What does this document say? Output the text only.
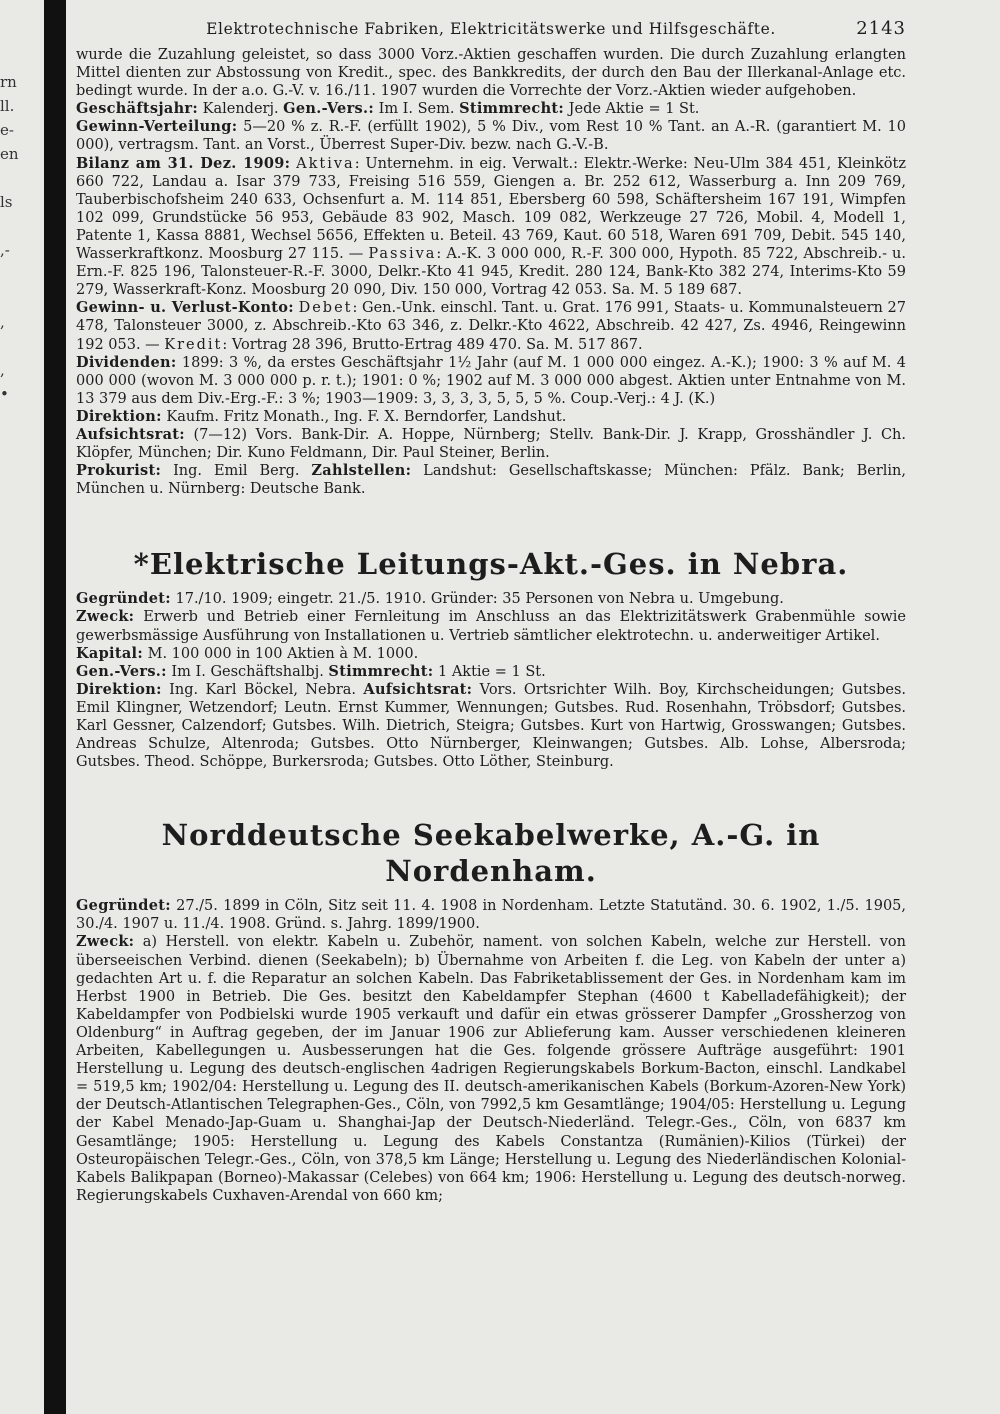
rn
ll.
e-
en

ls

,-

,

,
•
Elektrotechnische Fabriken, Elektricitätswerke und Hilfsgeschäfte.	2143

wurde die Zuzahlung geleistet, so dass 3000 Vorz.-Aktien geschaffen wurden. Die durch Zuzahlung erlangten Mittel dienten zur Abstossung von Kredit., spec. des Bankkredits, der durch den Bau der Illerkanal-Anlage etc. bedingt wurde. In der a.o. G.-V. v. 16./11. 1907 wurden die Vorrechte der Vorz.-Aktien wieder aufgehoben.

Geschäftsjahr: Kalenderj. Gen.-Vers.: Im I. Sem. Stimmrecht: Jede Aktie = 1 St.

Gewinn-Verteilung: 5—20 % z. R.-F. (erfüllt 1902), 5 % Div., vom Rest 10 % Tant. an A.-R. (garantiert M. 10 000), vertragsm. Tant. an Vorst., Überrest Super-Div. bezw. nach G.-V.-B.

Bilanz am 31. Dez. 1909: Aktiva: Unternehm. in eig. Verwalt.: Elektr.-Werke: Neu-Ulm 384 451, Kleinkötz 660 722, Landau a. Isar 379 733, Freising 516 559, Giengen a. Br. 252 612, Wasserburg a. Inn 209 769, Tauberbischofsheim 240 633, Ochsenfurt a. M. 114 851, Ebersberg 60 598, Schäftersheim 167 191, Wimpfen 102 099, Grundstücke 56 953, Gebäude 83 902, Masch. 109 082, Werkzeuge 27 726, Mobil. 4, Modell 1, Patente 1, Kassa 8881, Wechsel 5656, Effekten u. Beteil. 43 769, Kaut. 60 518, Waren 691 709, Debit. 545 140, Wasserkraftkonz. Moosburg 27 115. — Passiva: A.-K. 3 000 000, R.-F. 300 000, Hypoth. 85 722, Abschreib.- u. Ern.-F. 825 196, Talonsteuer-R.-F. 3000, Delkr.-Kto 41 945, Kredit. 280 124, Bank-Kto 382 274, Interims-Kto 59 279, Wasserkraft-Konz. Moosburg 20 090, Div. 150 000, Vortrag 42 053. Sa. M. 5 189 687.

Gewinn- u. Verlust-Konto: Debet: Gen.-Unk. einschl. Tant. u. Grat. 176 991, Staats- u. Kommunalsteuern 27 478, Talonsteuer 3000, z. Abschreib.-Kto 63 346, z. Delkr.-Kto 4622, Abschreib. 42 427, Zs. 4946, Reingewinn 192 053. — Kredit: Vortrag 28 396, Brutto-Ertrag 489 470. Sa. M. 517 867.

Dividenden: 1899: 3 %, da erstes Geschäftsjahr 1½ Jahr (auf M. 1 000 000 eingez. A.-K.); 1900: 3 % auf M. 4 000 000 (wovon M. 3 000 000 p. r. t.); 1901: 0 %; 1902 auf M. 3 000 000 abgest. Aktien unter Entnahme von M. 13 379 aus dem Div.-Erg.-F.: 3 %; 1903—1909: 3, 3, 3, 3, 5, 5, 5 %. Coup.-Verj.: 4 J. (K.)

Direktion: Kaufm. Fritz Monath., Ing. F. X. Berndorfer, Landshut.

Aufsichtsrat: (7—12) Vors. Bank-Dir. A. Hoppe, Nürnberg; Stellv. Bank-Dir. J. Krapp, Grosshändler J. Ch. Klöpfer, München; Dir. Kuno Feldmann, Dir. Paul Steiner, Berlin.

Prokurist: Ing. Emil Berg. Zahlstellen: Landshut: Gesellschaftskasse; München: Pfälz. Bank; Berlin, München u. Nürnberg: Deutsche Bank.

*Elektrische Leitungs-Akt.-Ges. in Nebra.

Gegründet: 17./10. 1909; eingetr. 21./5. 1910. Gründer: 35 Personen von Nebra u. Umgebung.

Zweck: Erwerb und Betrieb einer Fernleitung im Anschluss an das Elektrizitätswerk Grabenmühle sowie gewerbsmässige Ausführung von Installationen u. Vertrieb sämtlicher elektrotechn. u. anderweitiger Artikel.

Kapital: M. 100 000 in 100 Aktien à M. 1000.

Gen.-Vers.: Im I. Geschäftshalbj. Stimmrecht: 1 Aktie = 1 St.

Direktion: Ing. Karl Böckel, Nebra. Aufsichtsrat: Vors. Ortsrichter Wilh. Boy, Kirchscheidungen; Gutsbes. Emil Klingner, Wetzendorf; Leutn. Ernst Kummer, Wennungen; Gutsbes. Rud. Rosenhahn, Tröbsdorf; Gutsbes. Karl Gessner, Calzendorf; Gutsbes. Wilh. Dietrich, Steigra; Gutsbes. Kurt von Hartwig, Grosswangen; Gutsbes. Andreas Schulze, Altenroda; Gutsbes. Otto Nürnberger, Kleinwangen; Gutsbes. Alb. Lohse, Albersroda; Gutsbes. Theod. Schöppe, Burkersroda; Gutsbes. Otto Löther, Steinburg.

Norddeutsche Seekabelwerke, A.-G. in Nordenham.

Gegründet: 27./5. 1899 in Cöln, Sitz seit 11. 4. 1908 in Nordenham. Letzte Statutänd. 30. 6. 1902, 1./5. 1905, 30./4. 1907 u. 11./4. 1908. Gründ. s. Jahrg. 1899/1900.

Zweck: a) Herstell. von elektr. Kabeln u. Zubehör, nament. von solchen Kabeln, welche zur Herstell. von überseeischen Verbind. dienen (Seekabeln); b) Übernahme von Arbeiten f. die Leg. von Kabeln der unter a) gedachten Art u. f. die Reparatur an solchen Kabeln. Das Fabriketablissement der Ges. in Nordenham kam im Herbst 1900 in Betrieb. Die Ges. besitzt den Kabeldampfer Stephan (4600 t Kabelladefähigkeit); der Kabeldampfer von Podbielski wurde 1905 verkauft und dafür ein etwas grösserer Dampfer „Grossherzog von Oldenburg“ in Auftrag gegeben, der im Januar 1906 zur Ablieferung kam. Ausser verschiedenen kleineren Arbeiten, Kabellegungen u. Ausbesserungen hat die Ges. folgende grössere Aufträge ausgeführt: 1901 Herstellung u. Legung des deutsch-englischen 4adrigen Regierungskabels Borkum-Bacton, einschl. Landkabel = 519,5 km; 1902/04: Herstellung u. Legung des II. deutsch-amerikanischen Kabels (Borkum-Azoren-New York) der Deutsch-Atlantischen Telegraphen-Ges., Cöln, von 7992,5 km Gesamtlänge; 1904/05: Herstellung u. Legung der Kabel Menado-Jap-Guam u. Shanghai-Jap der Deutsch-Niederländ. Telegr.-Ges., Cöln, von 6837 km Gesamtlänge; 1905: Herstellung u. Legung des Kabels Constantza (Rumänien)-Kilios (Türkei) der Osteuropäischen Telegr.-Ges., Cöln, von 378,5 km Länge; Herstellung u. Legung des Niederländischen Kolonial-Kabels Balikpapan (Borneo)-Makassar (Celebes) von 664 km; 1906: Herstellung u. Legung des deutsch-norweg. Regierungskabels Cuxhaven-Arendal von 660 km;
